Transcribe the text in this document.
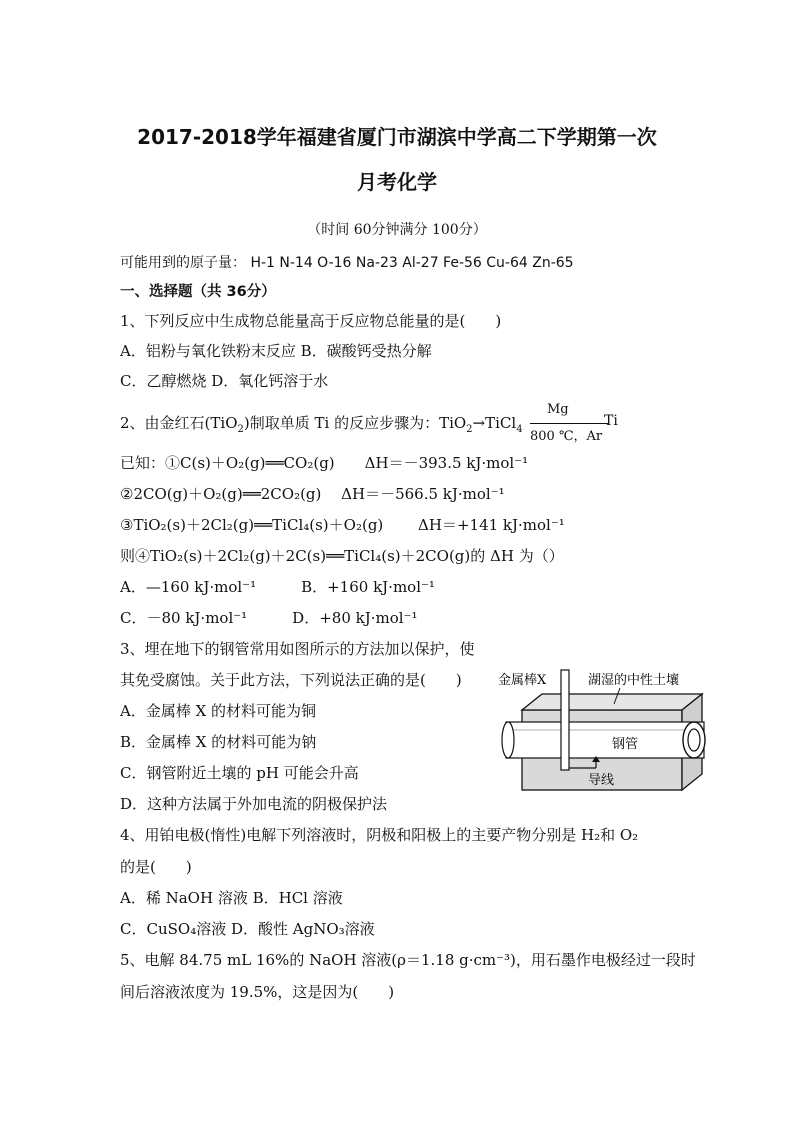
2017-2018学年福建省厦门市湖滨中学高二下学期第一次
月考化学
（时间 60分钟满分 100分）
可能用到的原子量： H-1 N-14 O-16 Na-23 Al-27 Fe-56 Cu-64 Zn-65
一、选择题（共 36分）
1、下列反应中生成物总能量高于反应物总能量的是(　　)
A．铝粉与氧化铁粉末反应 B．碳酸钙受热分解
C．乙醇燃烧 D．氧化钙溶于水
2、由金红石(TiO$_2$)制取单质 Ti 的反应步骤为：TiO$_2$→TiCl$_4$
Mg
800 ℃，Ar
Ti
已知：①C(s)＋O₂(g)══CO₂(g)　　ΔH＝－393.5 kJ·mol⁻¹
②2CO(g)＋O₂(g)══2CO₂(g)　 ΔH＝－566.5 kJ·mol⁻¹
③TiO₂(s)＋2Cl₂(g)══TiCl₄(s)＋O₂(g)　　 ΔH＝+141 kJ·mol⁻¹
则④TiO₂(s)＋2Cl₂(g)＋2C(s)══TiCl₄(s)＋2CO(g)的 ΔH 为（）
A．—160 kJ·mol⁻¹　　　B．+160 kJ·mol⁻¹
C．－80 kJ·mol⁻¹　　　D．+80 kJ·mol⁻¹
3、埋在地下的钢管常用如图所示的方法加以保护，使
其免受腐蚀。关于此方法，下列说法正确的是(　　)
A．金属棒 X 的材料可能为铜
B．金属棒 X 的材料可能为钠
C．钢管附近土壤的 pH 可能会升高
D．这种方法属于外加电流的阴极保护法
金属棒X	湖湿的中性土壤
钢管
导线
4、用铂电极(惰性)电解下列溶液时，阴极和阳极上的主要产物分别是 H₂和 O₂
的是(　　)
A．稀 NaOH 溶液 B．HCl 溶液
C．CuSO₄溶液 D．酸性 AgNO₃溶液
5、电解 84.75 mL 16%的 NaOH 溶液(ρ＝1.18 g·cm⁻³)，用石墨作电极经过一段时
间后溶液浓度为 19.5%，这是因为(　　)
